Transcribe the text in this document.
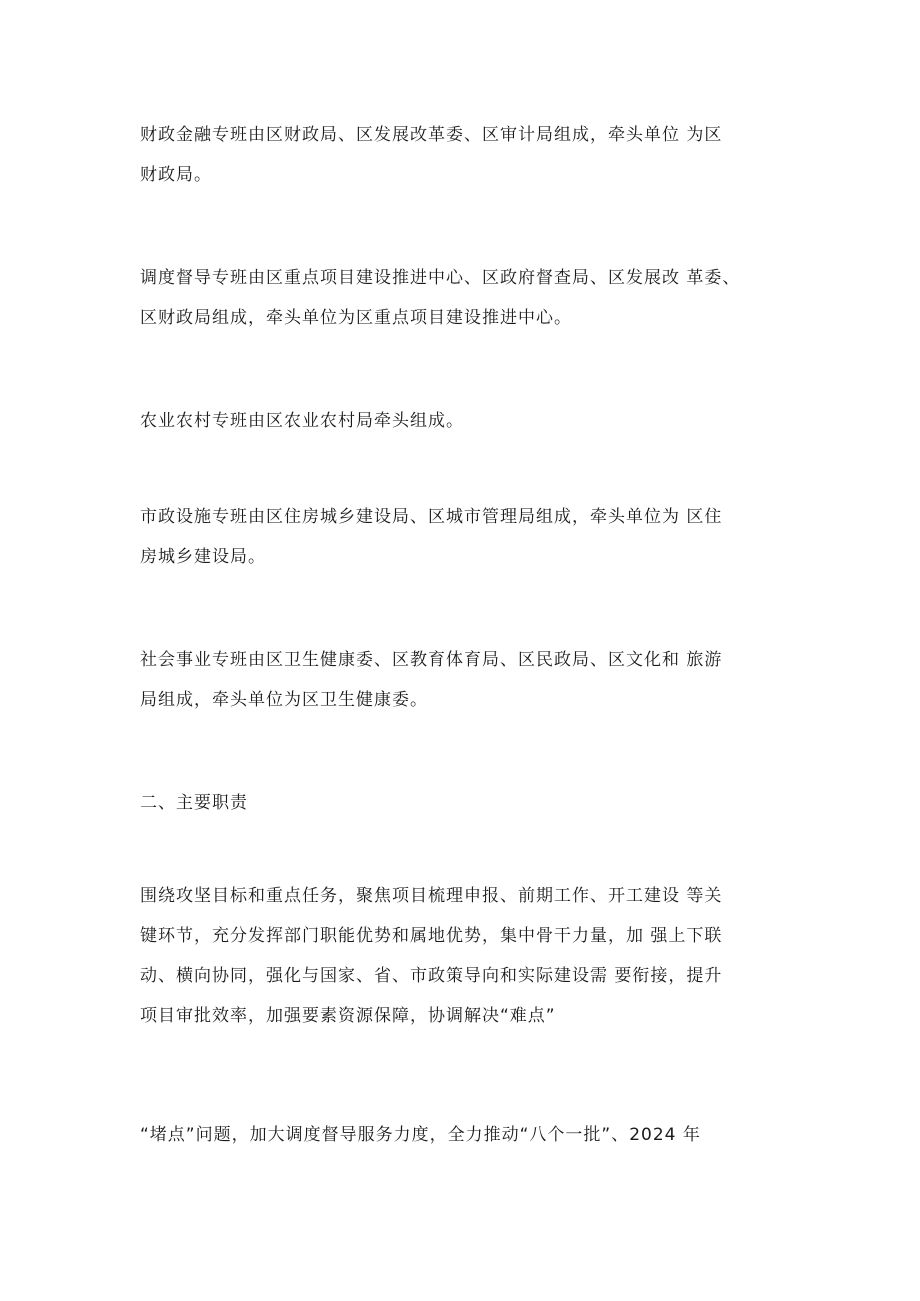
财政金融专班由区财政局、区发展改革委、区审计局组成，牵头单位 为区
财政局。

调度督导专班由区重点项目建设推进中心、区政府督查局、区发展改 革委、
区财政局组成，牵头单位为区重点项目建设推进中心。

农业农村专班由区农业农村局牵头组成。

市政设施专班由区住房城乡建设局、区城市管理局组成，牵头单位为 区住
房城乡建设局。

社会事业专班由区卫生健康委、区教育体育局、区民政局、区文化和 旅游
局组成，牵头单位为区卫生健康委。

二、主要职责

围绕攻坚目标和重点任务，聚焦项目梳理申报、前期工作、开工建设 等关
键环节，充分发挥部门职能优势和属地优势，集中骨干力量，加 强上下联
动、横向协同，强化与国家、省、市政策导向和实际建设需 要衔接，提升
项目审批效率，加强要素资源保障，协调解决“难点”

“堵点”问题，加大调度督导服务力度，全力推动“八个一批”、2024 年
